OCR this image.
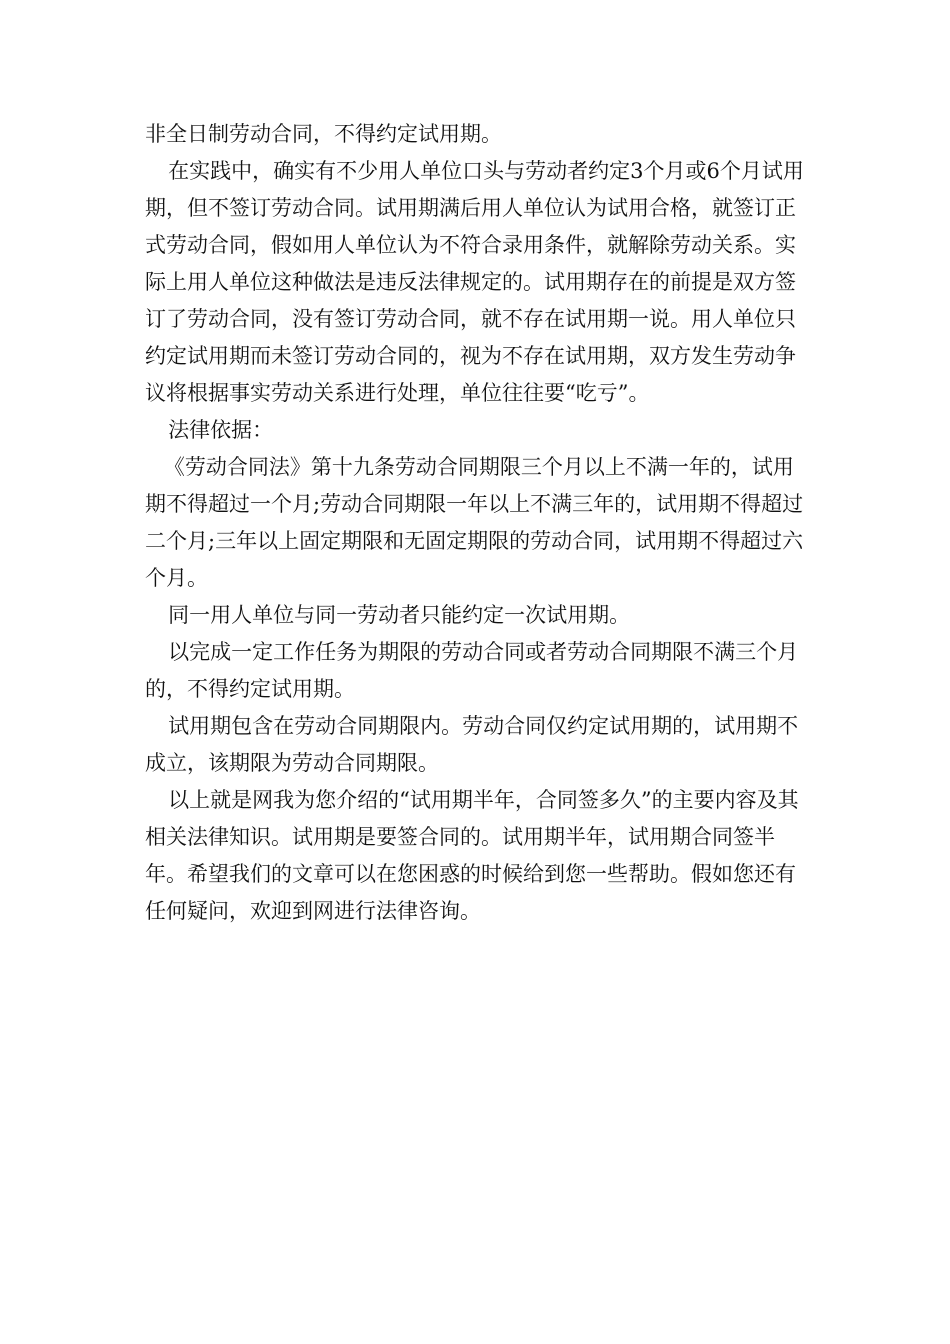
非全日制劳动合同，不得约定试用期。

在实践中，确实有不少用人单位口头与劳动者约定3个月或6个月试用期，但不签订劳动合同。试用期满后用人单位认为试用合格，就签订正式劳动合同，假如用人单位认为不符合录用条件，就解除劳动关系。实际上用人单位这种做法是违反法律规定的。试用期存在的前提是双方签订了劳动合同，没有签订劳动合同，就不存在试用期一说。用人单位只约定试用期而未签订劳动合同的，视为不存在试用期，双方发生劳动争议将根据事实劳动关系进行处理，单位往往要“吃亏”。

法律依据：

《劳动合同法》第十九条劳动合同期限三个月以上不满一年的，试用期不得超过一个月;劳动合同期限一年以上不满三年的，试用期不得超过二个月;三年以上固定期限和无固定期限的劳动合同，试用期不得超过六个月。

同一用人单位与同一劳动者只能约定一次试用期。

以完成一定工作任务为期限的劳动合同或者劳动合同期限不满三个月的，不得约定试用期。

试用期包含在劳动合同期限内。劳动合同仅约定试用期的，试用期不成立，该期限为劳动合同期限。

以上就是网我为您介绍的“试用期半年，合同签多久”的主要内容及其相关法律知识。试用期是要签合同的。试用期半年，试用期合同签半年。希望我们的文章可以在您困惑的时候给到您一些帮助。假如您还有任何疑问，欢迎到网进行法律咨询。
